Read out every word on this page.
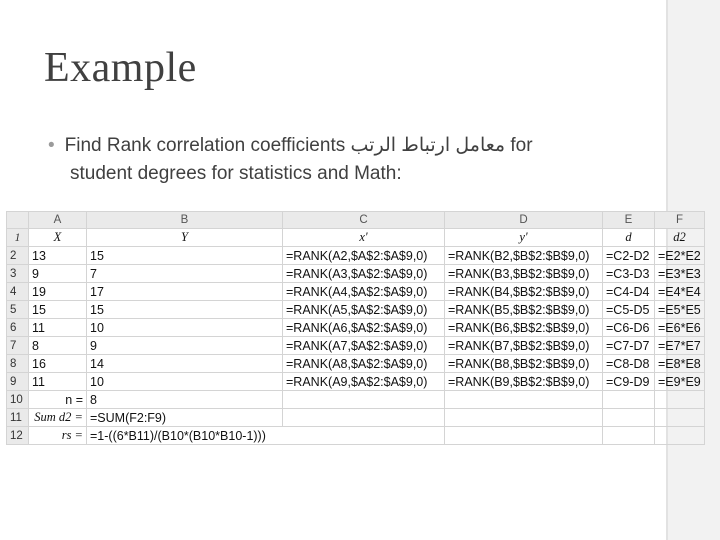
Example
• Find Rank correlation coefficients معامل ارتباط الرتب for
student degrees for statistics and Math:
	A	B	C	D	E	F
1	X	Y	x'	y'	d	d2
2	13	15	=RANK(A2,$A$2:$A$9,0)	=RANK(B2,$B$2:$B$9,0)	=C2-D2	=E2*E2
3	9	7	=RANK(A3,$A$2:$A$9,0)	=RANK(B3,$B$2:$B$9,0)	=C3-D3	=E3*E3
4	19	17	=RANK(A4,$A$2:$A$9,0)	=RANK(B4,$B$2:$B$9,0)	=C4-D4	=E4*E4
5	15	15	=RANK(A5,$A$2:$A$9,0)	=RANK(B5,$B$2:$B$9,0)	=C5-D5	=E5*E5
6	11	10	=RANK(A6,$A$2:$A$9,0)	=RANK(B6,$B$2:$B$9,0)	=C6-D6	=E6*E6
7	8	9	=RANK(A7,$A$2:$A$9,0)	=RANK(B7,$B$2:$B$9,0)	=C7-D7	=E7*E7
8	16	14	=RANK(A8,$A$2:$A$9,0)	=RANK(B8,$B$2:$B$9,0)	=C8-D8	=E8*E8
9	11	10	=RANK(A9,$A$2:$A$9,0)	=RANK(B9,$B$2:$B$9,0)	=C9-D9	=E9*E9
10	n =	8				
11	Sum d2 =	=SUM(F2:F9)				
12	rs =	=1-((6*B11)/(B10*(B10*B10-1)))				
